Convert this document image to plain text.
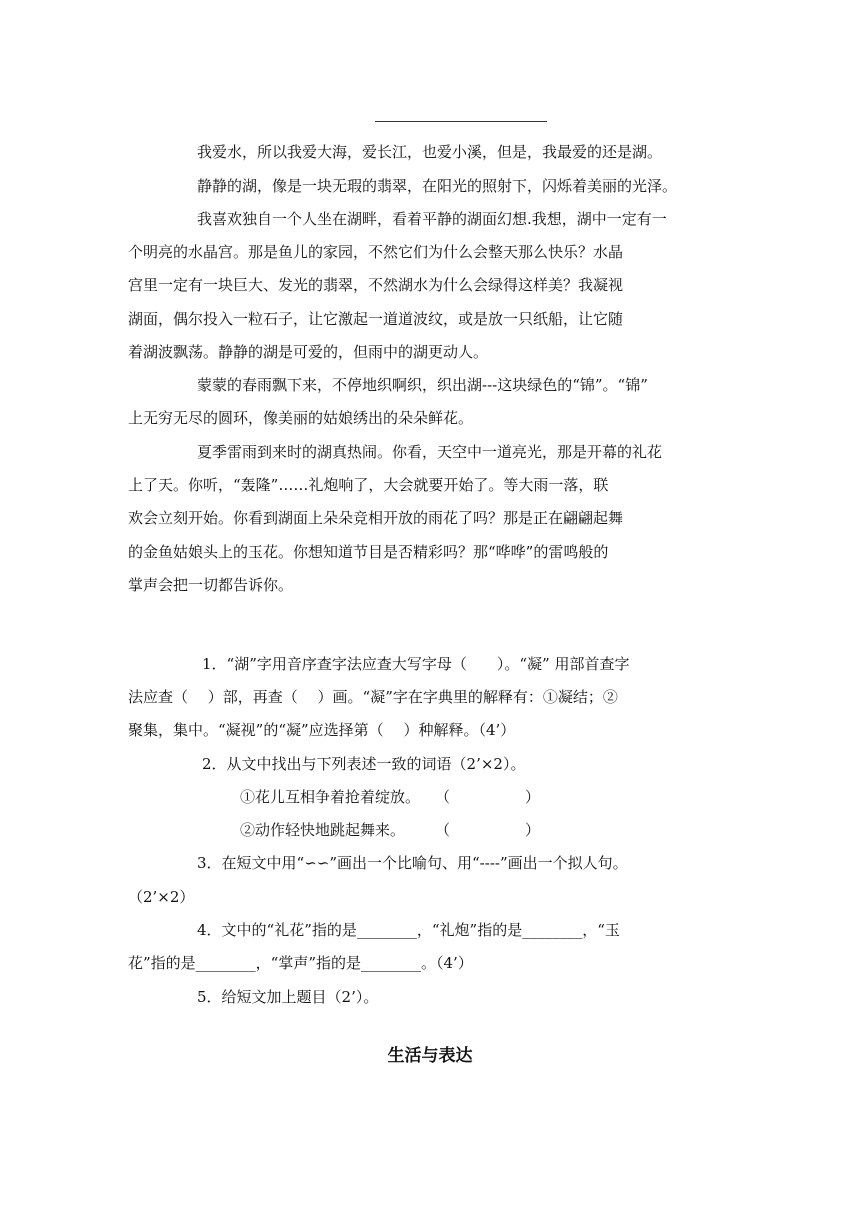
我爱水，所以我爱大海，爱长江，也爱小溪，但是，我最爱的还是湖。
静静的湖，像是一块无瑕的翡翠，在阳光的照射下，闪烁着美丽的光泽。
我喜欢独自一个人坐在湖畔，看着平静的湖面幻想.我想，湖中一定有一
个明亮的水晶宫。那是鱼儿的家园，不然它们为什么会整天那么快乐？水晶
宫里一定有一块巨大、发光的翡翠，不然湖水为什么会绿得这样美？我凝视
湖面，偶尔投入一粒石子，让它激起一道道波纹，或是放一只纸船，让它随
着湖波飘荡。静静的湖是可爱的，但雨中的湖更动人。
蒙蒙的春雨飘下来，不停地织啊织，织出湖---这块绿色的“锦”。“锦”
上无穷无尽的圆环，像美丽的姑娘绣出的朵朵鲜花。
夏季雷雨到来时的湖真热闹。你看，天空中一道亮光，那是开幕的礼花
上了天。你听，“轰隆”……礼炮响了，大会就要开始了。等大雨一落，联
欢会立刻开始。你看到湖面上朵朵竞相开放的雨花了吗？那是正在翩翩起舞
的金鱼姑娘头上的玉花。你想知道节目是否精彩吗？那“哗哗”的雷鸣般的
掌声会把一切都告诉你。
1．“湖”字用音序查字法应查大写字母（　　）。“凝” 用部首查字
法应查（　 ）部，再查（　 ）画。“凝”字在字典里的解释有：①凝结；②
聚集，集中。“凝视”的“凝”应选择第（　 ）种解释。（4’）
2．从文中找出与下列表述一致的词语（2’×2）。
①花儿互相争着抢着绽放。　　（　　　　　）
②动作轻快地跳起舞来。　　　（　　　　　）
3．在短文中用“∽∽”画出一个比喻句、用“----”画出一个拟人句。
（2’×2）
4．文中的“礼花”指的是________，“礼炮”指的是________，“玉
花”指的是________，“掌声”指的是________。（4’）
5．给短文加上题目（2’）。
生活与表达
